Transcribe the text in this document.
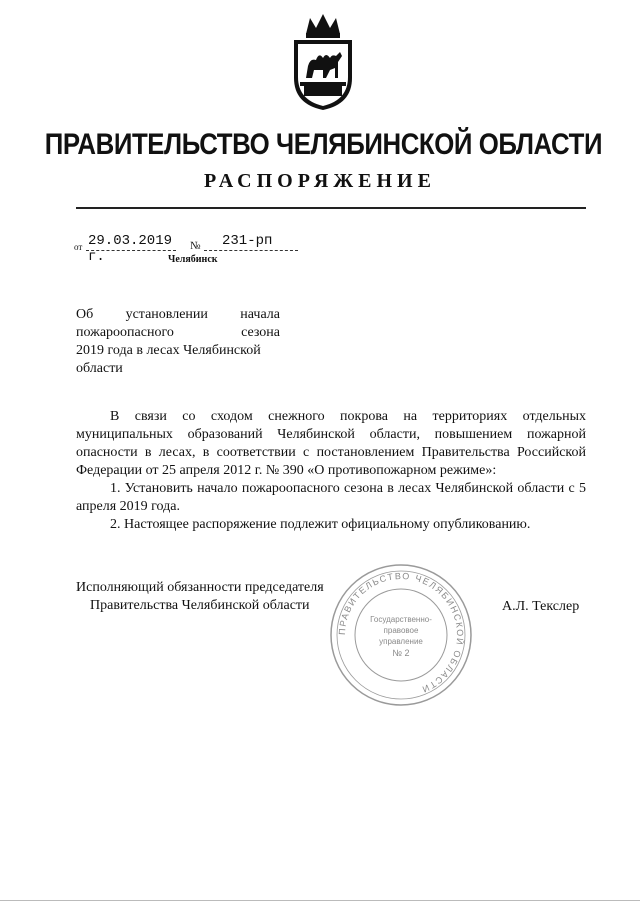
ПРАВИТЕЛЬСТВО ЧЕЛЯБИНСКОЙ ОБЛАСТИ
РАСПОРЯЖЕНИЕ
от 29.03.2019 г.
№ 231-рп
Челябинск
Об установлении начала
пожароопасного	сезона
2019 года в лесах Челябинской
области

В связи со сходом снежного покрова на территориях отдельных муниципальных образований Челябинской области, повышением пожарной опасности в лесах, в соответствии с постановлением Правительства Российской Федерации от 25 апреля 2012 г. № 390 «О противопожарном режиме»:

1. Установить начало пожароопасного сезона в лесах Челябинской области с 5 апреля 2019 года.

2. Настоящее распоряжение подлежит официальному опубликованию.

Исполняющий обязанности председателя
Правительства Челябинской области	А.Л. Текслер
ПРАВИТЕЛЬСТВО ЧЕЛЯБИНСКОЙ ОБЛАСТИ
Государственно-
правовое
управление
№ 2
